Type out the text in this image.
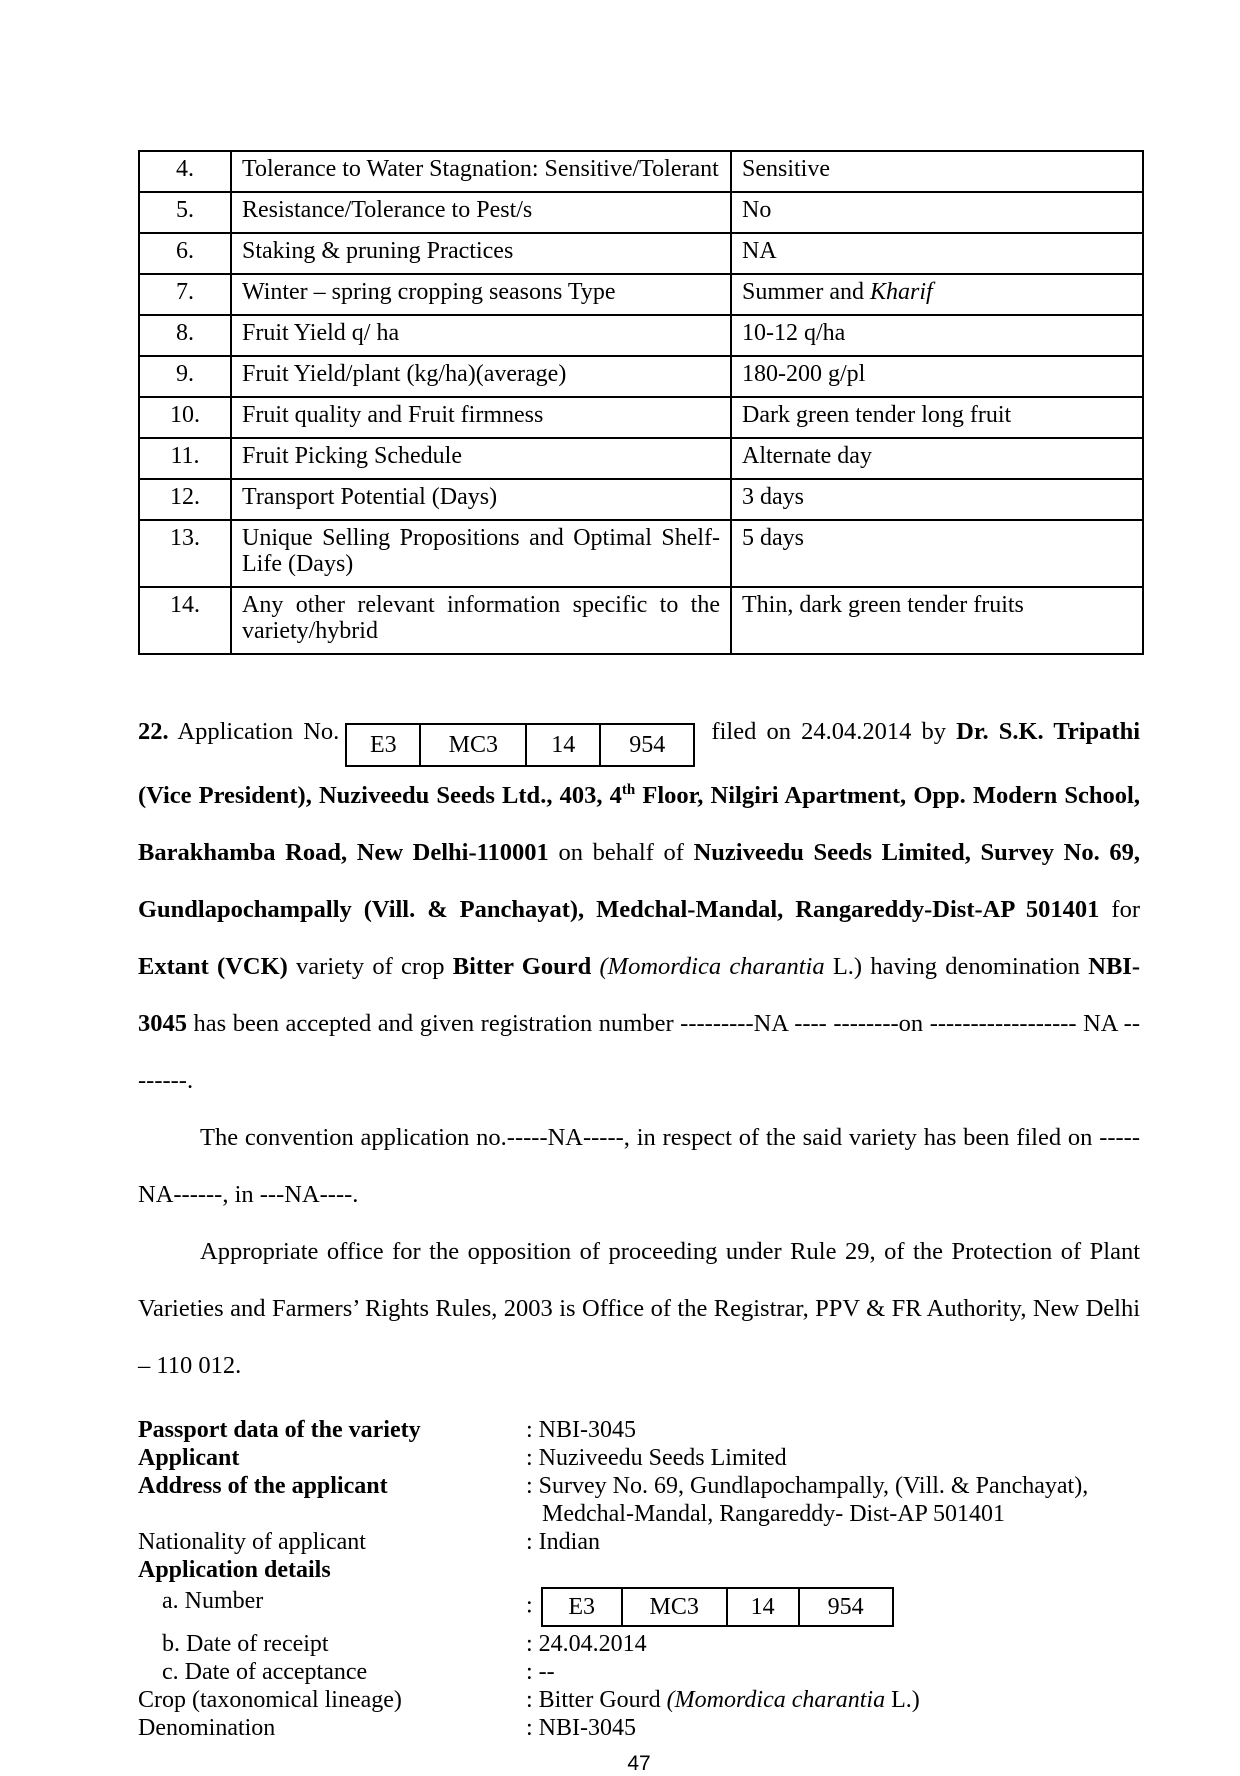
4.	Tolerance to Water Stagnation: Sensitive/Tolerant	Sensitive
5.	Resistance/Tolerance to Pest/s	No
6.	Staking & pruning Practices	NA
7.	Winter – spring cropping seasons Type	Summer and Kharif
8.	Fruit Yield q/ ha	10-12 q/ha
9.	Fruit Yield/plant (kg/ha)(average)	180-200 g/pl
10.	Fruit quality and Fruit firmness	Dark green tender long fruit
11.	Fruit Picking Schedule	Alternate day
12.	Transport Potential (Days)	3 days
13.	Unique Selling Propositions and Optimal Shelf-Life (Days)	5 days
14.	Any other relevant information specific to the variety/hybrid	Thin, dark green tender fruits

22. Application No.	E3	MC3	14	954	filed on 24.04.2014 by Dr. S.K. Tripathi (Vice President), Nuziveedu Seeds Ltd., 403, 4th Floor, Nilgiri Apartment, Opp. Modern School, Barakhamba Road, New Delhi-110001 on behalf of Nuziveedu Seeds Limited, Survey No. 69, Gundlapochampally (Vill. & Panchayat), Medchal-Mandal, Rangareddy-Dist-AP 501401 for Extant (VCK) variety of crop Bitter Gourd (Momordica charantia L.) having denomination NBI-3045 has been accepted and given registration number ---------NA ---- --------on ------------------ NA --------.

The convention application no.-----NA-----, in respect of the said variety has been filed on -----NA------, in ---NA----.

Appropriate office for the opposition of proceeding under Rule 29, of the Protection of Plant Varieties and Farmers’ Rights Rules, 2003 is Office of the Registrar, PPV & FR Authority, New Delhi – 110 012.

Passport data of the variety	: NBI-3045
Applicant	: Nuziveedu Seeds Limited
Address of the applicant	: Survey No. 69, Gundlapochampally, (Vill. & Panchayat),
Medchal-Mandal, Rangareddy- Dist-AP 501401
Nationality of applicant	: Indian
Application details
a. Number	:	E3	MC3	14	954
b. Date of receipt	: 24.04.2014
c. Date of acceptance	: --
Crop (taxonomical lineage)	: Bitter Gourd (Momordica charantia L.)
Denomination	: NBI-3045
47
